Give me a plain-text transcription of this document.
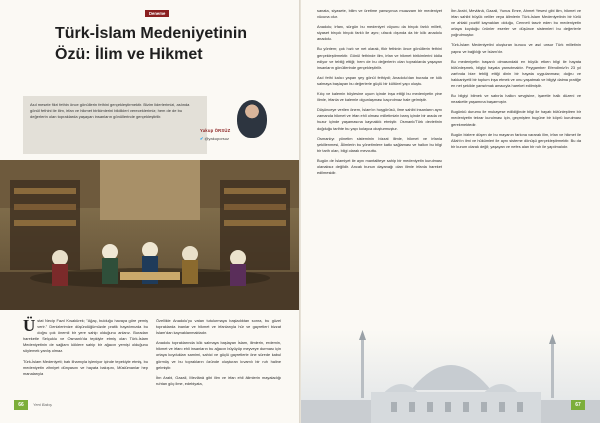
Deneme
Türk-İslam Medeniyetinin Özü: İlim ve Hikmet
Asıl mesele fikri fethin önce gönüllerin fethini gerçekleştirmektir. Bizim liderlerimizi, aslında gönül fethini ile ilim, irfan ve hikmet birikimlerini bildikleri vereceklerimiz; hem de de bu değerlerin olan topraklarda yaşayan insanların gönüllerinde gerçekleştirilir.
Yakup ÖRSÜZ
✔ @yakuporsuz

Üstat Necip Fazıl Kısakürek; "Ağaç, bulduğu havaya göre yemiş verir." Denizlerimize düşündüğümüzde pratik hayatımızda bu doğru çok önemli bir yere sahip olduğunu anlarız. Buradan hareketle Selçuklu ve Osmanlı'da tepkiyle etmiş olan Türk-İslam Medeniyetinin de sağlam köklere sahip bir ağacın yemişi olduğunu söylemek yanlış olmaz.

Türk-İslam Medeniyeti; batı ilhamıyla işleniyor içinde tepekiyle etmiş, bu medeniyetin zihniyet dünyasını ve hayata bakışını, Müslümanlar hep manalarıyla

Özellikle Anadolu'yu vatan tutulurmaya başladıktan sonra, bu güzel topraklarda inanlar ve hikmet ve irfanlarıyla hür ve gayretleri bizzat İslam'dan kaynaklanmaktadır.

Anadolu topraklarında kök salmaya başlayan İslam, ilimlerin, erdemin, hikmet ve irfanı ehli insanların bu ağacın büyüyüp meyveye durması için ortaya koydukları samimi, sahici ve güçlü gayretlerle öne sürede kabul görmüş ve bu toprakların özünde oluşturan kıvamlı bir ruh haline gelmiştir.

İbn Arabi, Gazali, Mevlânâ gibi ilim ve irfan ehli âlimlerin mayaladığı ruhtan göç ilme, edebiyata,

66	Yeni Bakış

sanata, siyasete, bilim ve üretime yansıyınca muazzam bir medeniyet vücuna olur.

Anadolu; irfanı, sürgün bu medeniyet vüyunu da birçok farklı milleti, siyaset birçok birçok farklı ile aynı; ufacık dışında da bir kök anadolu anadolu.

Bu yöntem; çok hızlı ve net olarak, fikir fethinin önce gönüllerin fethini gerçekleştirmektir. Gönül fethinde ilim, irfan ve hikmet birikimlerini iddia ediyor ve tebliğ ettiği; hem de bu değerlerin olan topraklarda yaşayan insanların gönüllerinde gerçekleştirilir.

Asıl fethi kalıcı yapan şey gönül fethiydi; Anadolu'dan burada ve kök salmaya başlayan bu değerlerle güçlü bir kültürel yapı oluştu.

Kılıç ve kalemin böylesine uyum içinde inşa ettiği bu medeniyetin yine ilimle, irfanla ve kalemle olgunlaşması kaçınılmaz hale gelmiştir.

Düşünceye verilen önem, İslam'ın hoşgörüsü, ilme sahibi insanların aynı zamanda hikmet ve irfan ehli olması milletimizin barış içinde bir arada ve huzur içinde yaşamasına kaynaklık etmiştir. Osmanlı/Türk devletinin doğduğu tarihte bu yapı kolayca oluşturmuştur.

Osmanlıyı yönetim sisteminin bizzat ilimle, hikmet ve irfanla şekillenmesi, Âlimlerin bu yönetimlere katkı sağlaması ve halkın bu bilgi bir tarih olan, bilgi olarak mevcuttu.

Bugün de İslamiyet ile aynı mantaliteye sahip bir medeniyetin kurulması olanaksız değildir. Ancak bunun dayanağı olan ilimle irfanla hareket edilmesidir.

İbn Arabi, Mevlânâ, Gazali, Yunus Emre, Ahmet Yesevi gibi ilim, hikmet ve irfan sahibi büyük veliler veya âlimlerin Türk-İslam Medeniyetinin bir türlü ve ahlaki pozitif kaynakları olduğu, Cenneti tasvir eden bu medeniyetin ortaya koyduğu ürünler eserler ve düşünce sistemleri bu değerlerle yoğrulmuştur.

Türk-İslam Medeniyetini oluşturan kurucu ve asıl unsur Türk milletinin yapısı ve bağlılığı ve İslam'dır.

Bu medeniyetin başarılı olmasındaki en büyük etken bilgi ile hayata bütünleşmek, bilgiyi hayata yansıtmaktır. Peygamber Efendimiz'in 23 yıl zarfında bize tebliğ ettiği dinin bir hayata uygulanması; doğru ve hakkaniyetli bir toplum inşa etmek ve onu yaşatmak ve bilgiyi daima pratiğe en net şekilde yansıtmak amacıyla hareket edilmiştir.

Bu bilgiyi bilmek ve sabırla halkın sevgisine, işaretle halk düzeni ve nezaketle yaşamına başarmıştır.

Bugünkü durumu ile mukayese edildiğinde bilgi ile hayatı bütünleştiren bir medeniyetin tekrar kurulması için, geçmişten bugüne bir köprü kurulması gerekmektedir.

Bugün bizlere düşen de bu mayanın farkına vararak ilim, irfan ve hikmet ile Allah'ın ilmi ve hükümleri ile aynı sisteme dönüşü gerçekleştirmektir. Bu da bir kurum olarak değil; yaşayan ve nefes alan bir ruh ile yapılmalıdır.

67
